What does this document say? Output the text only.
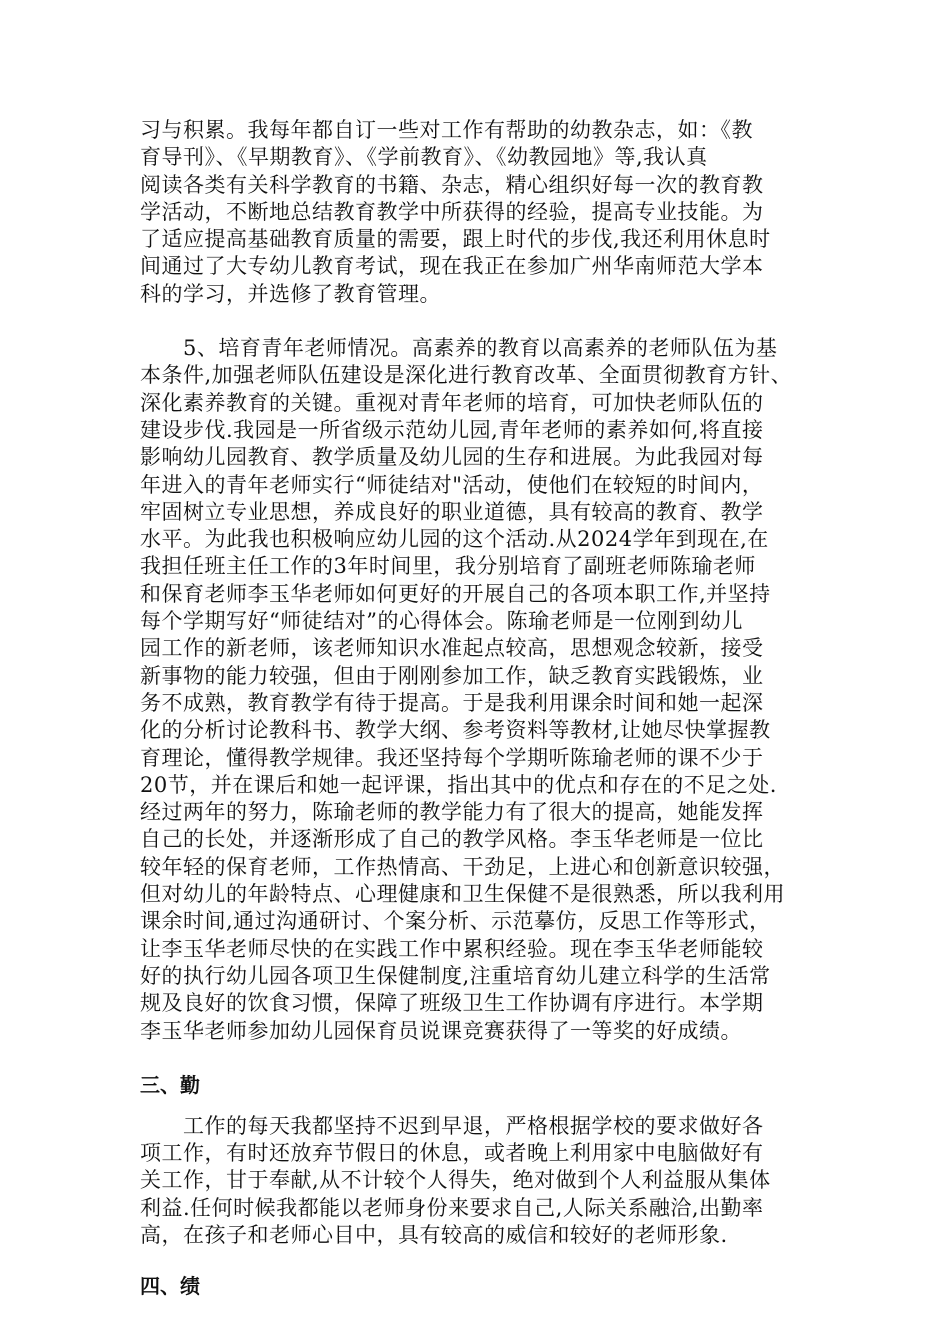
习与积累。我每年都自订一些对工作有帮助的幼教杂志，如：《教
育导刊》、《早期教育》、《学前教育》、《幼教园地》等,我认真
阅读各类有关科学教育的书籍、杂志，精心组织好每一次的教育教
学活动，不断地总结教育教学中所获得的经验，提高专业技能。为
了适应提高基础教育质量的需要，跟上时代的步伐,我还利用休息时
间通过了大专幼儿教育考试，现在我正在参加广州华南师范大学本
科的学习，并选修了教育管理。
　　5、培育青年老师情况。高素养的教育以高素养的老师队伍为基
本条件,加强老师队伍建设是深化进行教育改革、全面贯彻教育方针、
深化素养教育的关键。重视对青年老师的培育，可加快老师队伍的
建设步伐.我园是一所省级示范幼儿园,青年老师的素养如何,将直接
影响幼儿园教育、教学质量及幼儿园的生存和进展。为此我园对每
年进入的青年老师实行“师徒结对"活动，使他们在较短的时间内，
牢固树立专业思想，养成良好的职业道德，具有较高的教育、教学
水平。为此我也积极响应幼儿园的这个活动.从2024学年到现在,在
我担任班主任工作的3年时间里，我分别培育了副班老师陈瑜老师
和保育老师李玉华老师如何更好的开展自己的各项本职工作,并坚持
每个学期写好“师徒结对”的心得体会。陈瑜老师是一位刚到幼儿
园工作的新老师，该老师知识水准起点较高，思想观念较新，接受
新事物的能力较强，但由于刚刚参加工作，缺乏教育实践锻炼，业
务不成熟，教育教学有待于提高。于是我利用课余时间和她一起深
化的分析讨论教科书、教学大纲、参考资料等教材,让她尽快掌握教
育理论，懂得教学规律。我还坚持每个学期听陈瑜老师的课不少于
20节，并在课后和她一起评课，指出其中的优点和存在的不足之处.
经过两年的努力，陈瑜老师的教学能力有了很大的提高，她能发挥
自己的长处，并逐渐形成了自己的教学风格。李玉华老师是一位比
较年轻的保育老师，工作热情高、干劲足，上进心和创新意识较强，
但对幼儿的年龄特点、心理健康和卫生保健不是很熟悉，所以我利用
课余时间,通过沟通研讨、个案分析、示范摹仿，反思工作等形式，
让李玉华老师尽快的在实践工作中累积经验。现在李玉华老师能较
好的执行幼儿园各项卫生保健制度,注重培育幼儿建立科学的生活常
规及良好的饮食习惯，保障了班级卫生工作协调有序进行。本学期
李玉华老师参加幼儿园保育员说课竞赛获得了一等奖的好成绩。
三、勤
　　工作的每天我都坚持不迟到早退，严格根据学校的要求做好各
项工作，有时还放弃节假日的休息，或者晚上利用家中电脑做好有
关工作，甘于奉献,从不计较个人得失，绝对做到个人利益服从集体
利益.任何时候我都能以老师身份来要求自己,人际关系融洽,出勤率
高，在孩子和老师心目中，具有较高的威信和较好的老师形象.
四、绩
